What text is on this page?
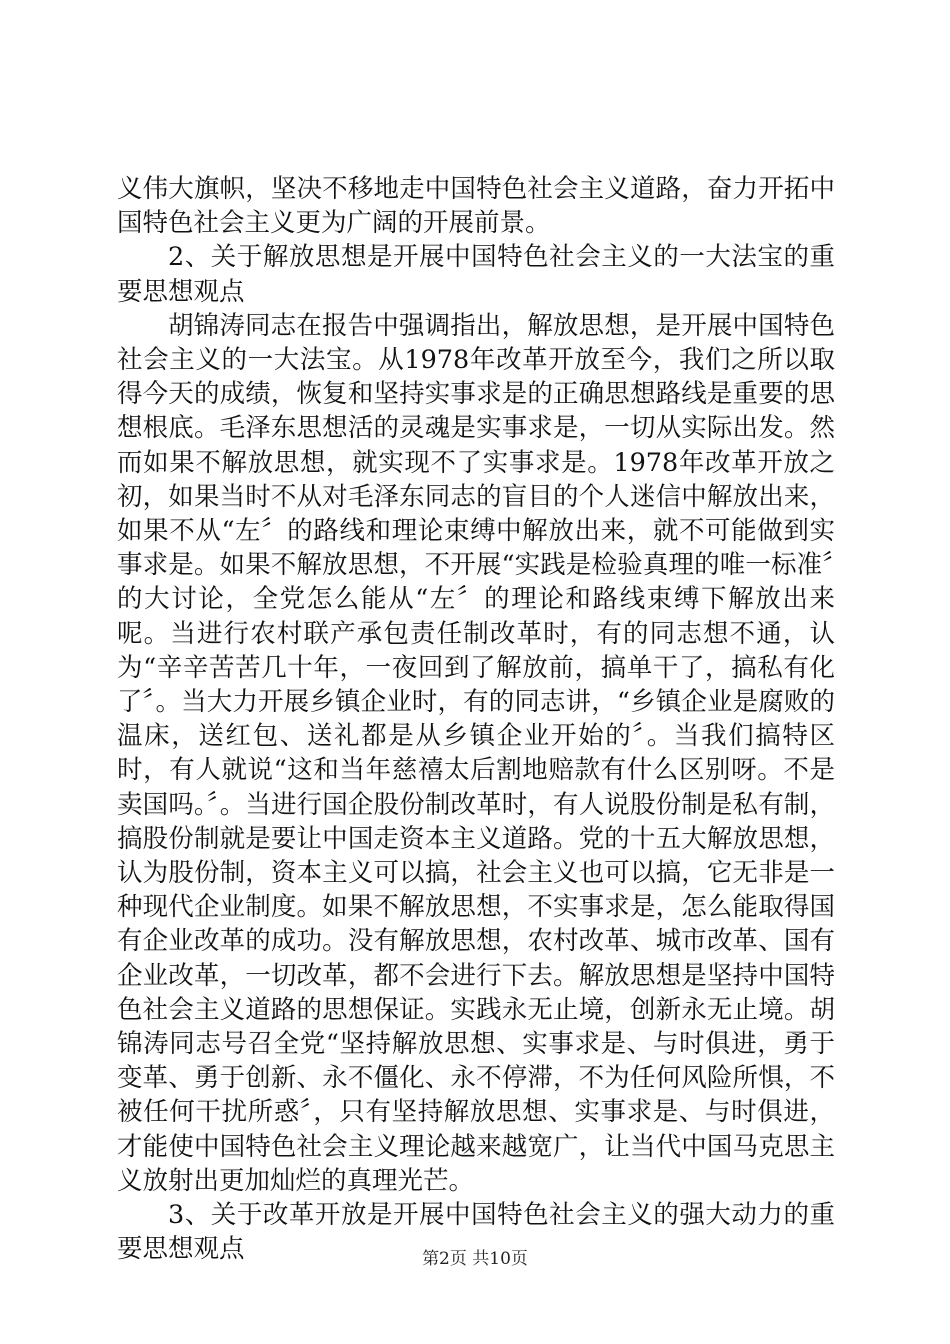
义伟大旗帜，坚决不移地走中国特色社会主义道路，奋力开拓中国特色社会主义更为广阔的开展前景。

2、关于解放思想是开展中国特色社会主义的一大法宝的重要思想观点

胡锦涛同志在报告中强调指出，解放思想，是开展中国特色社会主义的一大法宝。从1978年改革开放至今，我们之所以取得今天的成绩，恢复和坚持实事求是的正确思想路线是重要的思想根底。毛泽东思想活的灵魂是实事求是，一切从实际出发。然而如果不解放思想，就实现不了实事求是。1978年改革开放之初，如果当时不从对毛泽东同志的盲目的个人迷信中解放出来，如果不从“左〞的路线和理论束缚中解放出来，就不可能做到实事求是。如果不解放思想，不开展“实践是检验真理的唯一标准〞的大讨论，全党怎么能从“左〞的理论和路线束缚下解放出来呢。当进行农村联产承包责任制改革时，有的同志想不通，认为“辛辛苦苦几十年，一夜回到了解放前，搞单干了，搞私有化了〞。当大力开展乡镇企业时，有的同志讲，“乡镇企业是腐败的温床，送红包、送礼都是从乡镇企业开始的〞。当我们搞特区时，有人就说“这和当年慈禧太后割地赔款有什么区别呀。不是卖国吗。〞。当进行国企股份制改革时，有人说股份制是私有制，搞股份制就是要让中国走资本主义道路。党的十五大解放思想，认为股份制，资本主义可以搞，社会主义也可以搞，它无非是一种现代企业制度。如果不解放思想，不实事求是，怎么能取得国有企业改革的成功。没有解放思想，农村改革、城市改革、国有企业改革，一切改革，都不会进行下去。解放思想是坚持中国特色社会主义道路的思想保证。实践永无止境，创新永无止境。胡锦涛同志号召全党“坚持解放思想、实事求是、与时俱进，勇于变革、勇于创新、永不僵化、永不停滞，不为任何风险所惧，不被任何干扰所惑〞，只有坚持解放思想、实事求是、与时俱进，才能使中国特色社会主义理论越来越宽广，让当代中国马克思主义放射出更加灿烂的真理光芒。

3、关于改革开放是开展中国特色社会主义的强大动力的重要思想观点	第2页 共10页
